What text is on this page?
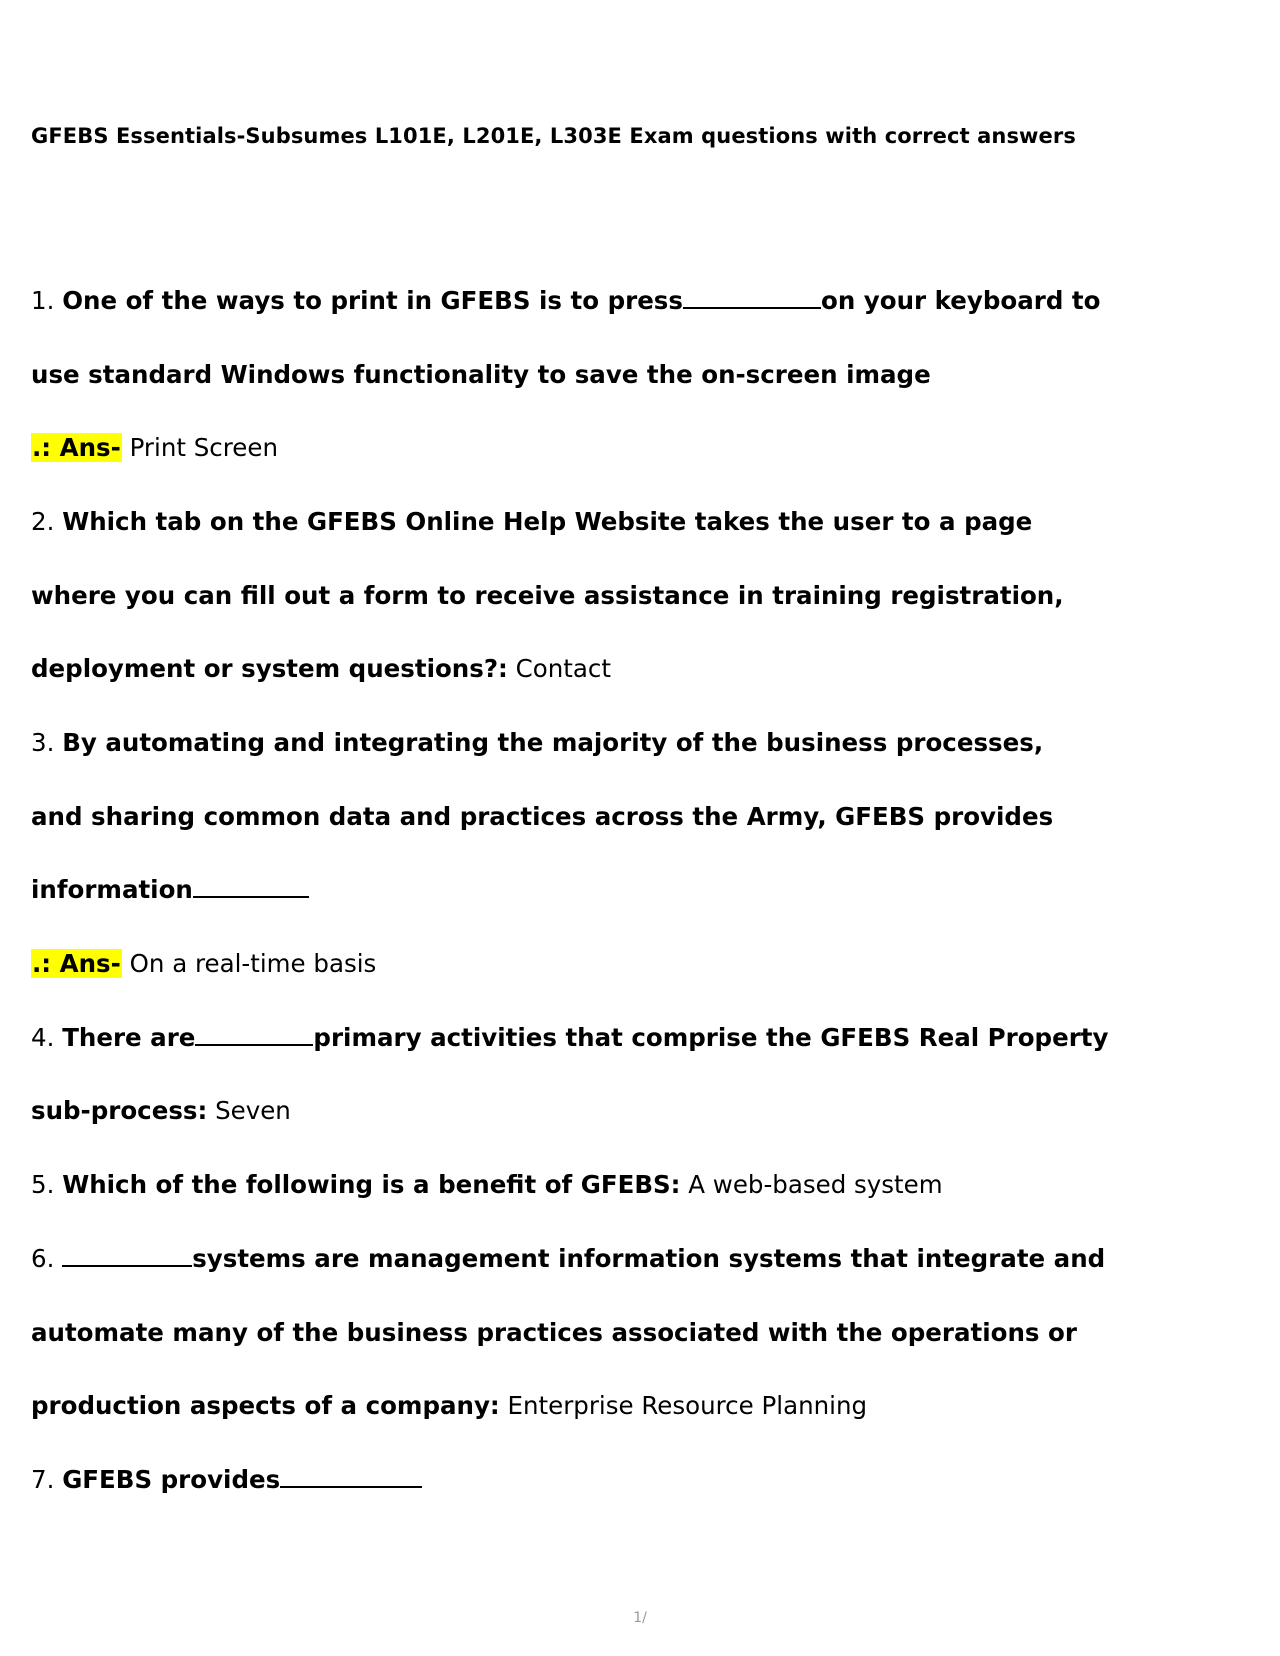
GFEBS Essentials-Subsumes L101E, L201E, L303E Exam questions with correct answers
1. One of the ways to print in GFEBS is to press	on your keyboard to
use standard Windows functionality to save the on-screen image
.: Ans- Print Screen
2. Which tab on the GFEBS Online Help Website takes the user to a page
where you can fill out a form to receive assistance in training registration,
deployment or system questions?: Contact
3. By automating and integrating the majority of the business processes,
and sharing common data and practices across the Army, GFEBS provides
information
.: Ans- On a real-time basis
4. There are	primary activities that comprise the GFEBS Real Property
sub-process: Seven
5. Which of the following is a benefit of GFEBS: A web-based system
6.	systems are management information systems that integrate and
automate many of the business practices associated with the operations or
production aspects of a company: Enterprise Resource Planning
7. GFEBS provides
1/
